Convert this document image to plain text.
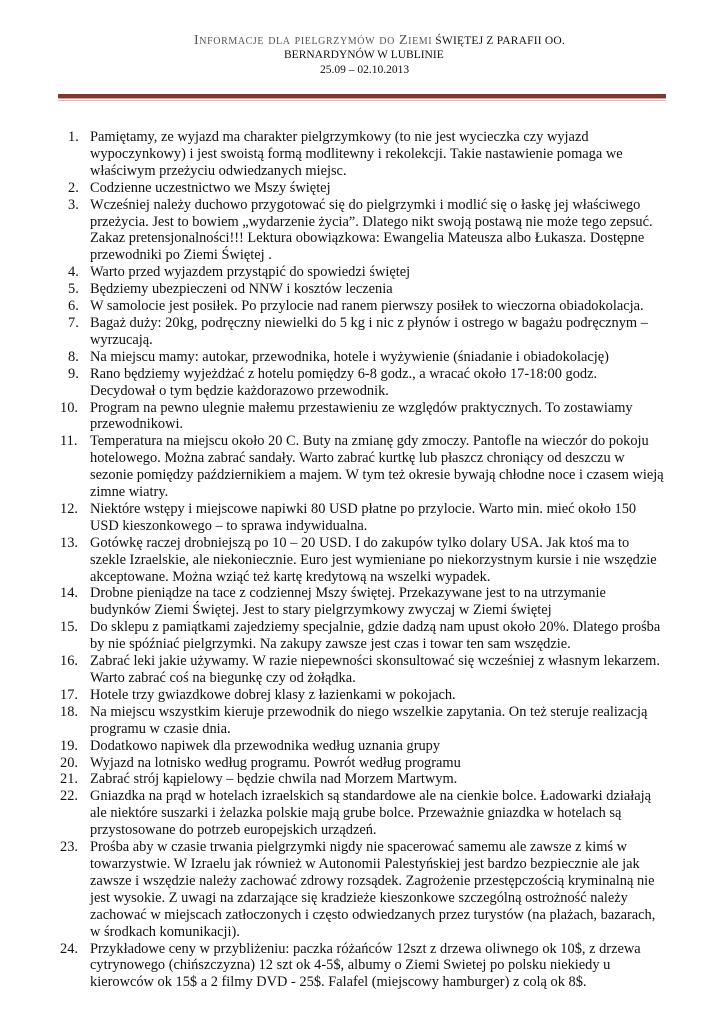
Informacje dla pielgrzymów do Ziemi ŚWIĘTEJ Z PARAFII OO.
BERNARDYNÓW W LUBLINIE
25.09 – 02.10.2013
1. Pamiętamy, ze wyjazd ma charakter pielgrzymkowy (to nie jest wycieczka czy wyjazd wypoczynkowy) i jest swoistą formą modlitewny i rekolekcji. Takie nastawienie pomaga we właściwym przeżyciu odwiedzanych miejsc.
2. Codzienne uczestnictwo we Mszy świętej
3. Wcześniej należy duchowo przygotować się do pielgrzymki i modlić się o łaskę jej właściwego przeżycia. Jest to bowiem „wydarzenie życia”. Dlatego nikt swoją postawą nie może tego zepsuć. Zakaz pretensjonalności!!! Lektura obowiązkowa: Ewangelia Mateusza albo Łukasza. Dostępne przewodniki po Ziemi Świętej .
4. Warto przed wyjazdem przystąpić do spowiedzi świętej
5. Będziemy ubezpieczeni od NNW i kosztów leczenia
6. W samolocie jest posiłek. Po przylocie nad ranem pierwszy posiłek to wieczorna obiadokolacja.
7. Bagaż duży: 20kg, podręczny niewielki do 5 kg i nic z płynów i ostrego w bagażu podręcznym – wyrzucają.
8. Na miejscu mamy: autokar, przewodnika, hotele i wyżywienie (śniadanie i obiadokolację)
9. Rano będziemy wyjeżdżać z hotelu pomiędzy 6-8 godz., a wracać około 17-18:00 godz. Decydował o tym będzie każdorazowo przewodnik.
10. Program na pewno ulegnie małemu przestawieniu ze względów praktycznych. To zostawiamy przewodnikowi.
11. Temperatura na miejscu około 20 C. Buty na zmianę gdy zmoczy. Pantofle na wieczór do pokoju hotelowego. Można zabrać sandały. Warto zabrać kurtkę lub płaszcz chroniący od deszczu w sezonie pomiędzy październikiem a majem. W tym też okresie bywają chłodne noce i czasem wieją zimne wiatry.
12. Niektóre wstępy i miejscowe napiwki 80 USD płatne po przylocie. Warto min. mieć około 150 USD kieszonkowego – to sprawa indywidualna.
13. Gotówkę raczej drobniejszą po 10 – 20 USD. I do zakupów tylko dolary USA. Jak ktoś ma to szekle Izraelskie, ale niekoniecznie. Euro jest wymieniane po niekorzystnym kursie i nie wszędzie akceptowane. Można wziąć też kartę kredytową na wszelki wypadek.
14. Drobne pieniądze na tace z codziennej Mszy świętej. Przekazywane jest to na utrzymanie budynków Ziemi Świętej. Jest to stary pielgrzymkowy zwyczaj w Ziemi świętej
15. Do sklepu z pamiątkami zajedziemy specjalnie, gdzie dadzą nam upust około 20%. Dlatego prośba by nie spóźniać pielgrzymki. Na zakupy zawsze jest czas i towar ten sam wszędzie.
16. Zabrać leki jakie używamy. W razie niepewności skonsultować się wcześniej z własnym lekarzem. Warto zabrać coś na biegunkę czy od żołądka.
17. Hotele trzy gwiazdkowe dobrej klasy z łazienkami w pokojach.
18. Na miejscu wszystkim kieruje przewodnik do niego wszelkie zapytania. On też steruje realizacją programu w czasie dnia.
19. Dodatkowo napiwek dla przewodnika według uznania grupy
20. Wyjazd na lotnisko według programu. Powrót według programu
21. Zabrać strój kąpielowy – będzie chwila nad Morzem Martwym.
22. Gniazdka na prąd w hotelach izraelskich są standardowe ale na cienkie bolce. Ładowarki działają ale niektóre suszarki i żelazka polskie mają grube bolce. Przeważnie gniazdka w hotelach są przystosowane do potrzeb europejskich urządzeń.
23. Prośba aby w czasie trwania pielgrzymki nigdy nie spacerować samemu ale zawsze z kimś w towarzystwie. W Izraelu jak również w Autonomii Palestyńskiej jest bardzo bezpiecznie ale jak zawsze i wszędzie należy zachować zdrowy rozsądek. Zagrożenie przestępczością kryminalną nie jest wysokie. Z uwagi na zdarzające się kradzieże kieszonkowe szczególną ostrożność należy zachować w miejscach zatłoczonych i często odwiedzanych przez turystów (na plażach, bazarach, w środkach komunikacji).
24. Przykładowe ceny w przybliżeniu: paczka różańców 12szt z drzewa oliwnego ok 10$, z drzewa cytrynowego (chińszczyzna) 12 szt ok 4-5$, albumy o Ziemi Swietej po polsku niekiedy u kierowców ok 15$ a 2 filmy DVD - 25$. Falafel (miejscowy hamburger) z colą ok 8$.
